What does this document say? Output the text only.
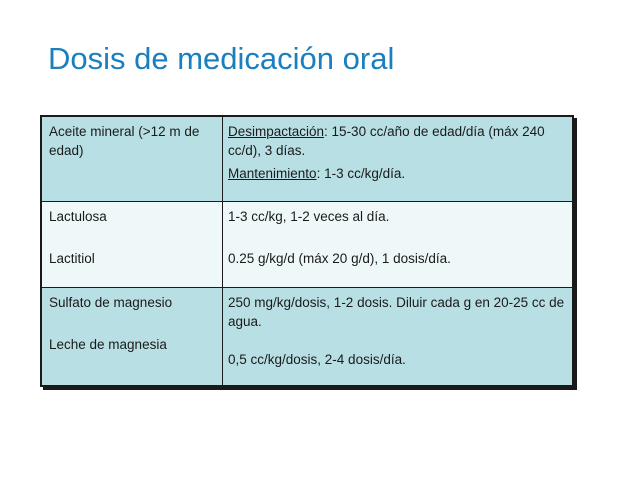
Dosis de medicación oral
Aceite mineral (>12 m de edad)
Desimpactación: 15-30 cc/año de edad/día (máx 240 cc/d), 3 días.
Mantenimiento: 1-3 cc/kg/día.
Lactulosa
Lactitiol
1-3 cc/kg, 1-2 veces al día.
0.25 g/kg/d (máx 20 g/d), 1 dosis/día.
Sulfato de magnesio
Leche de magnesia
250 mg/kg/dosis, 1-2 dosis. Diluir cada g en 20-25 cc de agua.
0,5 cc/kg/dosis, 2-4 dosis/día.
